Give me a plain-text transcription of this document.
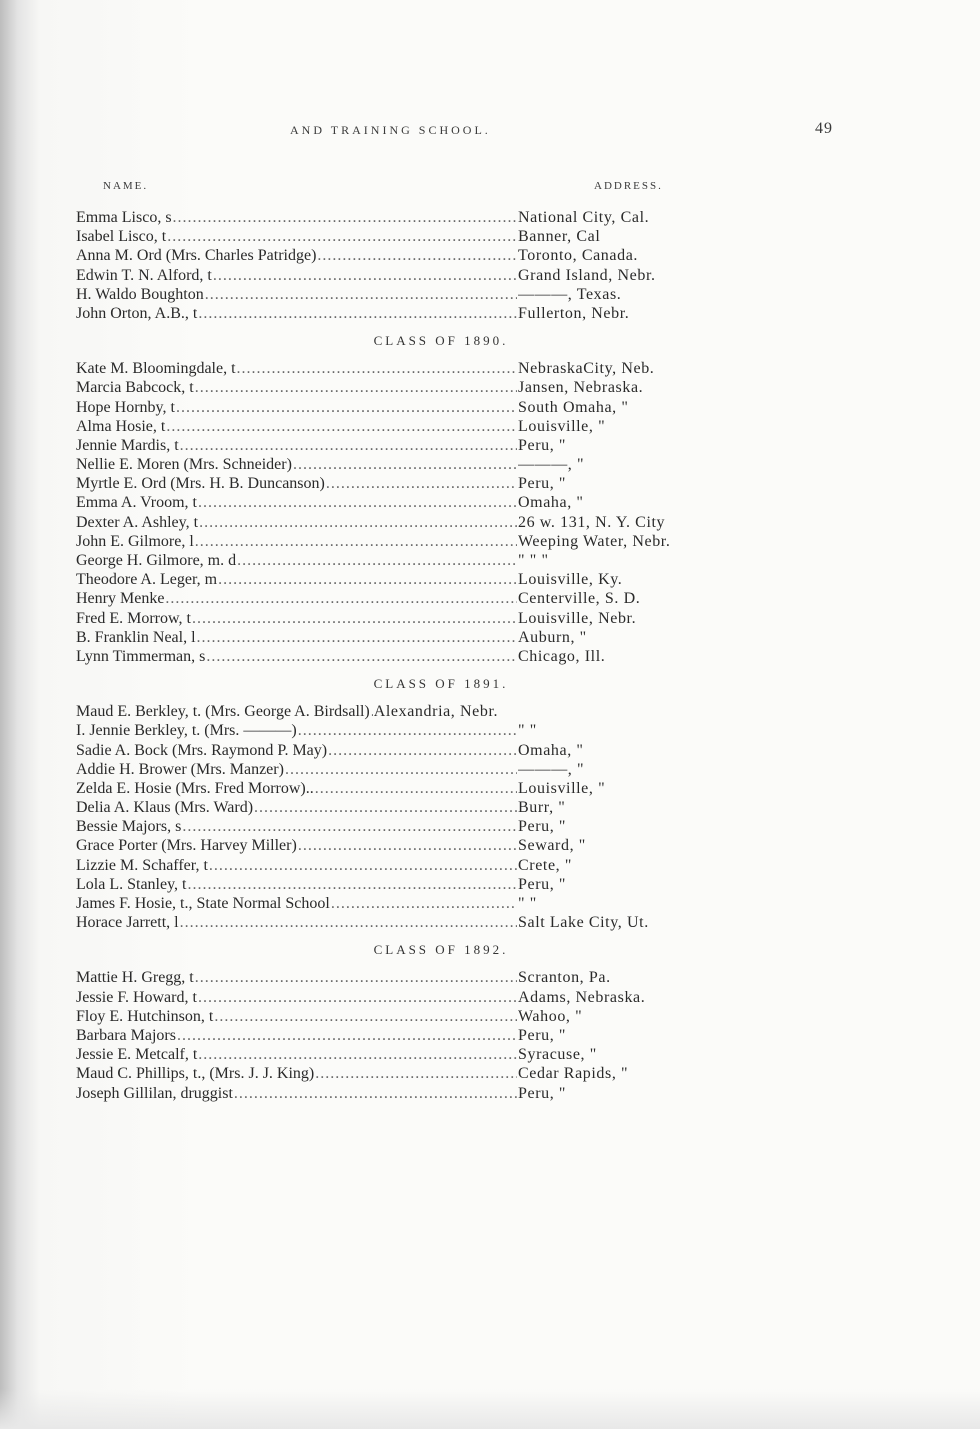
AND TRAINING SCHOOL.	49
NAME.	ADDRESS.
Emma Lisco, s .....	National City, Cal.
Isabel Lisco, t .....	Banner, Cal
Anna M. Ord (Mrs. Charles Patridge) .....	Toronto, Canada.
Edwin T. N. Alford, t .....	Grand Island, Nebr.
H. Waldo Boughton .....	———, Texas.
John Orton, A.B., t .....	Fullerton, Nebr.
CLASS OF 1890.
Kate M. Bloomingdale, t .....	NebraskaCity, Neb.
Marcia Babcock, t .....	Jansen, Nebraska.
Hope Hornby, t .....	South Omaha, "
Alma Hosie, t .....	Louisville, "
Jennie Mardis, t .....	Peru, "
Nellie E. Moren (Mrs. Schneider) .....	———, "
Myrtle E. Ord (Mrs. H. B. Duncanson) .....	Peru, "
Emma A. Vroom, t .....	Omaha, "
Dexter A. Ashley, t .....	26 w. 131, N. Y. City
John E. Gilmore, l .....	Weeping Water, Nebr.
George H. Gilmore, m. d .....	" " "
Theodore A. Leger, m .....	Louisville, Ky.
Henry Menke .....	Centerville, S. D.
Fred E. Morrow, t .....	Louisville, Nebr.
B. Franklin Neal, l .....	Auburn, "
Lynn Timmerman, s .....	Chicago, Ill.
CLASS OF 1891.
Maud E. Berkley, t. (Mrs. George A. Birdsall) ..... Alexandria, Nebr.
I. Jennie Berkley, t. (Mrs. ———) .....	" "
Sadie A. Bock (Mrs. Raymond P. May) .....	Omaha, "
Addie H. Brower (Mrs. Manzer) .....	———, "
Zelda E. Hosie (Mrs. Fred Morrow).. .....	Louisville, "
Delia A. Klaus (Mrs. Ward) .....	Burr, "
Bessie Majors, s .....	Peru, "
Grace Porter (Mrs. Harvey Miller) .....	Seward, "
Lizzie M. Schaffer, t .....	Crete, "
Lola L. Stanley, t .....	Peru, "
James F. Hosie, t., State Normal School .....	" "
Horace Jarrett, l .....	Salt Lake City, Ut.
CLASS OF 1892.
Mattie H. Gregg, t .....	Scranton, Pa.
Jessie F. Howard, t .....	Adams, Nebraska.
Floy E. Hutchinson, t .....	Wahoo, "
Barbara Majors .....	Peru, "
Jessie E. Metcalf, t .....	Syracuse, "
Maud C. Phillips, t., (Mrs. J. J. King) .....	Cedar Rapids, "
Joseph Gillilan, druggist .....	Peru, "
